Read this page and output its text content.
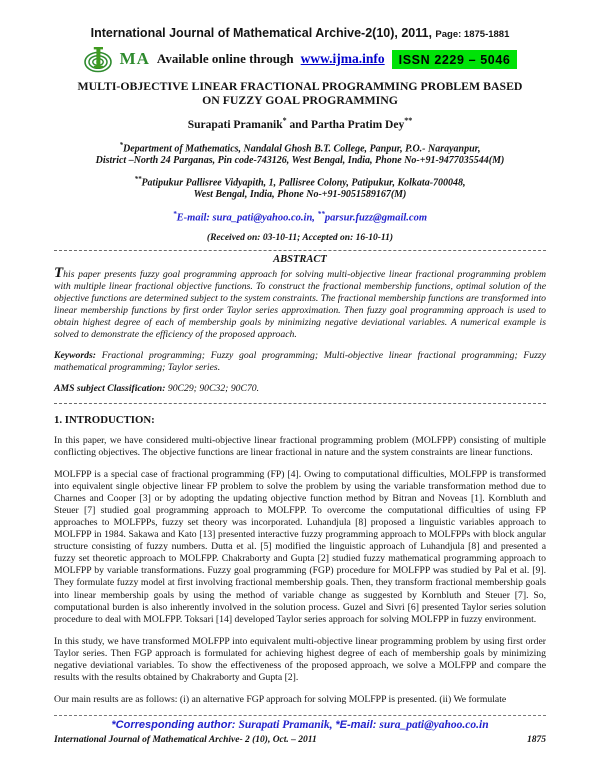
International Journal of Mathematical Archive-2(10), 2011, Page: 1875-1881
MA Available online through www.ijma.info	ISSN 2229 – 5046
MULTI-OBJECTIVE LINEAR FRACTIONAL PROGRAMMING PROBLEM BASED
ON FUZZY GOAL PROGRAMMING
Surapati Pramanik* and Partha Pratim Dey**
*Department of Mathematics, Nandalal Ghosh B.T. College, Panpur, P.O.- Narayanpur,
District –North 24 Parganas, Pin code-743126, West Bengal, India, Phone No-+91-9477035544(M)
**Patipukur Pallisree Vidyapith, 1, Pallisree Colony, Patipukur, Kolkata-700048,
West Bengal, India, Phone No-+91-9051589167(M)
*E-mail: sura_pati@yahoo.co.in, **parsur.fuzz@gmail.com
(Received on: 03-10-11; Accepted on: 16-10-11)
ABSTRACT
This paper presents fuzzy goal programming approach for solving multi-objective linear fractional programming problem with multiple linear fractional objective functions. To construct the fractional membership functions, optimal solution of the objective functions are determined subject to the system constraints. The fractional membership functions are transformed into linear membership functions by first order Taylor series approximation. Then fuzzy goal programming approach is used to obtain highest degree of each of membership goals by minimizing negative deviational variables. A numerical example is solved to demonstrate the efficiency of the proposed approach.
Keywords: Fractional programming; Fuzzy goal programming; Multi-objective linear fractional programming; Fuzzy mathematical programming; Taylor series.
AMS subject Classification: 90C29; 90C32; 90C70.
1. INTRODUCTION:

In this paper, we have considered multi-objective linear fractional programming problem (MOLFPP) consisting of multiple conflicting objectives. The objective functions are linear fractional in nature and the system constraints are linear functions.

MOLFPP is a special case of fractional programming (FP) [4]. Owing to computational difficulties, MOLFPP is transformed into equivalent single objective linear FP problem to solve the problem by using the variable transformation method due to Charnes and Cooper [3] or by adopting the updating objective function method by Bitran and Noveas [1]. Kornbluth and Steuer [7] studied goal programming approach to MOLFPP. To overcome the computational difficulties of using FP approaches to MOLFPPs, fuzzy set theory was incorporated. Luhandjula [8] proposed a linguistic variables approach to MOLFPP in 1984. Sakawa and Kato [13] presented interactive fuzzy programming approach to MOLFPPs with block angular structure consisting of fuzzy numbers. Dutta et al. [5] modified the linguistic approach of Luhandjula [8] and presented a fuzzy set theoretic approach to MOLFPP. Chakraborty and Gupta [2] studied fuzzy mathematical programming approach to MOLFPP by variable transformations. Fuzzy goal programming (FGP) procedure for MOLFPP was studied by Pal et al. [9]. They formulate fuzzy model at first involving fractional membership goals. Then, they transform fractional membership goals into linear membership goals by using the method of variable change as suggested by Kornbluth and Steuer [7]. So, computational burden is also inherently involved in the solution process. Guzel and Sivri [6] presented Taylor series solution procedure to deal with MOLFPP. Toksari [14] developed Taylor series approach for solving MOLFPP in fuzzy environment.

In this study, we have transformed MOLFPP into equivalent multi-objective linear programming problem by using first order Taylor series. Then FGP approach is formulated for achieving highest degree of each of membership goals by minimizing negative deviational variables. To show the effectiveness of the proposed approach, we solve a MOLFPP and compare the results with the results obtained by Chakraborty and Gupta [2].

Our main results are as follows: (i) an alternative FGP approach for solving MOLFPP is presented. (ii) We formulate

*Corresponding author: Surapati Pramanik, *E-mail: sura_pati@yahoo.co.in
International Journal of Mathematical Archive- 2 (10), Oct. – 2011	1875
